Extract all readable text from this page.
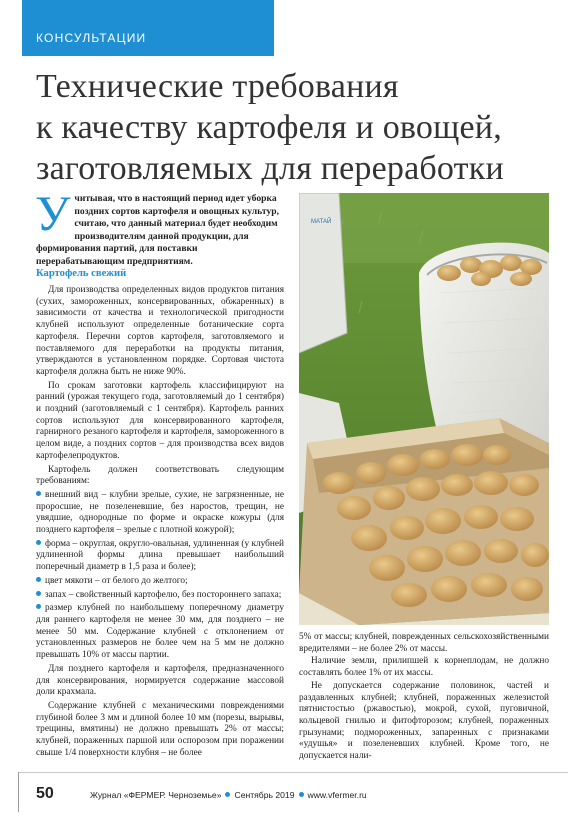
КОНСУЛЬТАЦИИ
Технические требования
к качеству картофеля и овощей,
заготовляемых для переработки
Учитывая, что в настоящий период идет уборка поздних сортов картофеля и овощных культур, считаю, что данный материал будет необходим производителям данной продукции, для формирования партий, для поставки перерабатывающим предприятиям.
Картофель свежий

Для производства определенных видов продуктов питания (сухих, замороженных, консервированных, обжаренных) в зависимости от качества и технологической пригодности клубней используют определенные ботанические сорта картофеля. Перечни сортов картофеля, заготовляемого и поставляемого для переработки на продукты питания, утверждаются в установленном порядке. Сортовая чистота картофеля должна быть не ниже 90%.

По срокам заготовки картофель классифицируют на ранний (урожая текущего года, заготовляемый до 1 сентября) и поздний (заготовляемый с 1 сентября). Картофель ранних сортов используют для консервированного картофеля, гарнирного резаного картофеля и картофеля, замороженного в целом виде, а поздних сортов – для производства всех видов картофелепродуктов.

Картофель должен соответствовать следующим требованиям:

внешний вид – клубни зрелые, сухие, не загрязненные, не проросшие, не позеленевшие, без наростов, трещин, не увядшие, однородные по форме и окраске кожуры (для позднего картофеля – зрелые с плотной кожурой);

форма – округлая, округло-овальная, удлиненная (у клубней удлиненной формы длина превышает наибольший поперечный диаметр в 1,5 раза и более);

цвет мякоти – от белого до желтого;

запах – свойственный картофелю, без постороннего запаха;

размер клубней по наибольшему поперечному диаметру для раннего картофеля не менее 30 мм, для позднего – не менее 50 мм. Содержание клубней с отклонением от установленных размеров не более чем на 5 мм не должно превышать 10% от массы партии.

Для позднего картофеля и картофеля, предназначенного для консервирования, нормируется содержание массовой доли крахмала.

Содержание клубней с механическими повреждениями глубиной более 3 мм и длиной более 10 мм (порезы, вырывы, трещины, вмятины) не должно превышать 2% от массы; клубней, пораженных паршой или оспорозом при поражении свыше 1/4 поверхности клубня – не более

МАТАЙ

5% от массы; клубней, поврежденных сельскохозяйственными вредителями – не более 2% от массы.

Наличие земли, прилипшей к корнеплодам, не должно составлять более 1% от их массы.

Не допускается содержание половинок, частей и раздавленных клубней; клубней, пораженных железистой пятнистостью (ржавостью), мокрой, сухой, пуговичной, кольцевой гнилью и фитофторозом; клубней, пораженных грызунами; подмороженных, запаренных с признаками «удушья» и позеленевших клубней. Кроме того, не допускается нали-

50	Журнал «ФЕРМЕР. Черноземье» Сентябрь 2019 www.vfermer.ru
